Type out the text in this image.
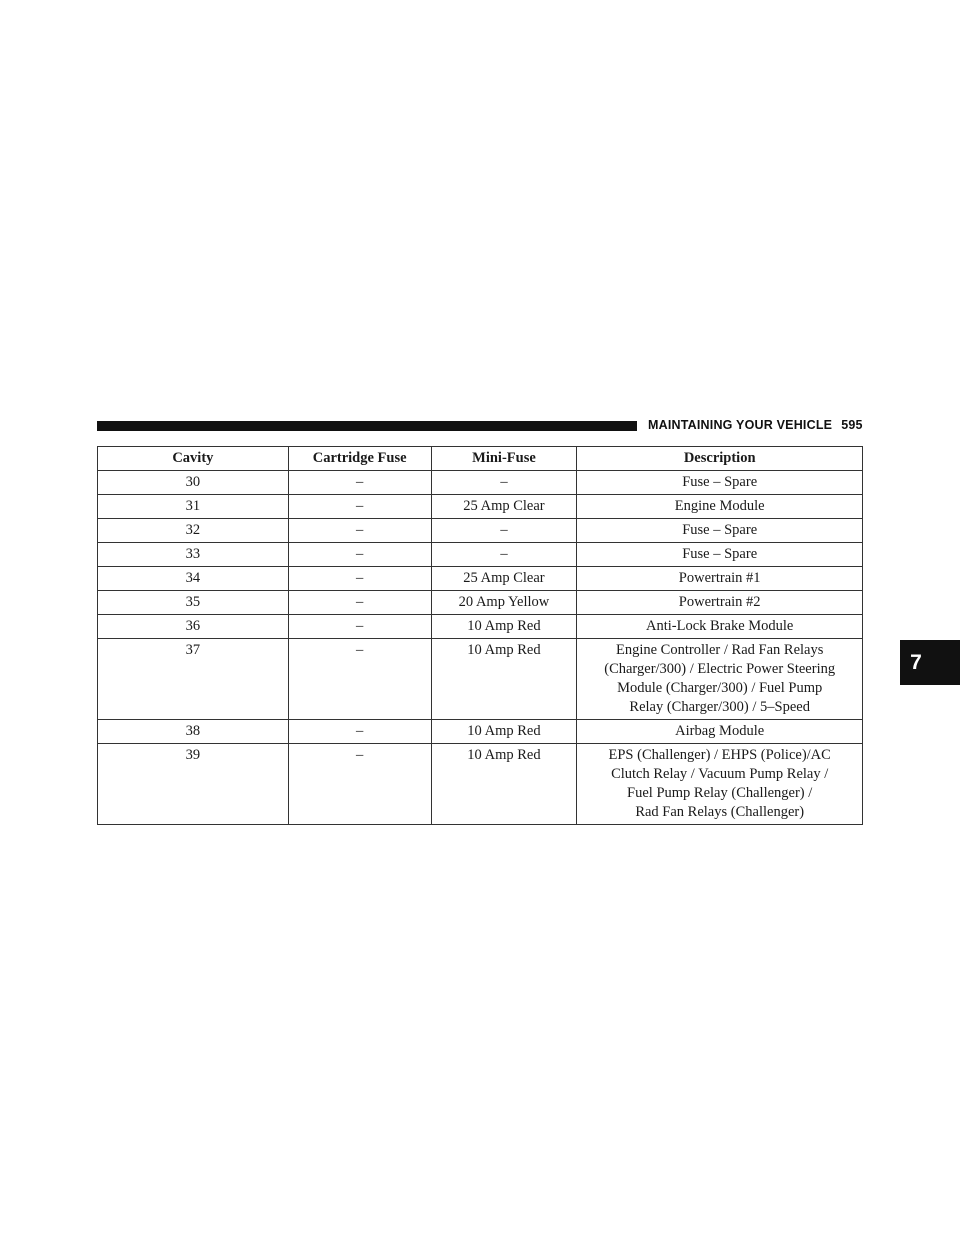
MAINTAINING YOUR VEHICLE 595
7
Cavity	Cartridge Fuse	Mini-Fuse	Description
30	–	–	Fuse – Spare
31	–	25 Amp Clear	Engine Module
32	–	–	Fuse – Spare
33	–	–	Fuse – Spare
34	–	25 Amp Clear	Powertrain #1
35	–	20 Amp Yellow	Powertrain #2
36	–	10 Amp Red	Anti-Lock Brake Module
37	–	10 Amp Red	Engine Controller / Rad Fan Relays
(Charger/300) / Electric Power Steering
Module (Charger/300) / Fuel Pump
Relay (Charger/300) / 5–Speed

38	–	10 Amp Red	Airbag Module
39	–	10 Amp Red	EPS (Challenger) / EHPS (Police)/AC
Clutch Relay / Vacuum Pump Relay /
Fuel Pump Relay (Challenger) /
Rad Fan Relays (Challenger)
